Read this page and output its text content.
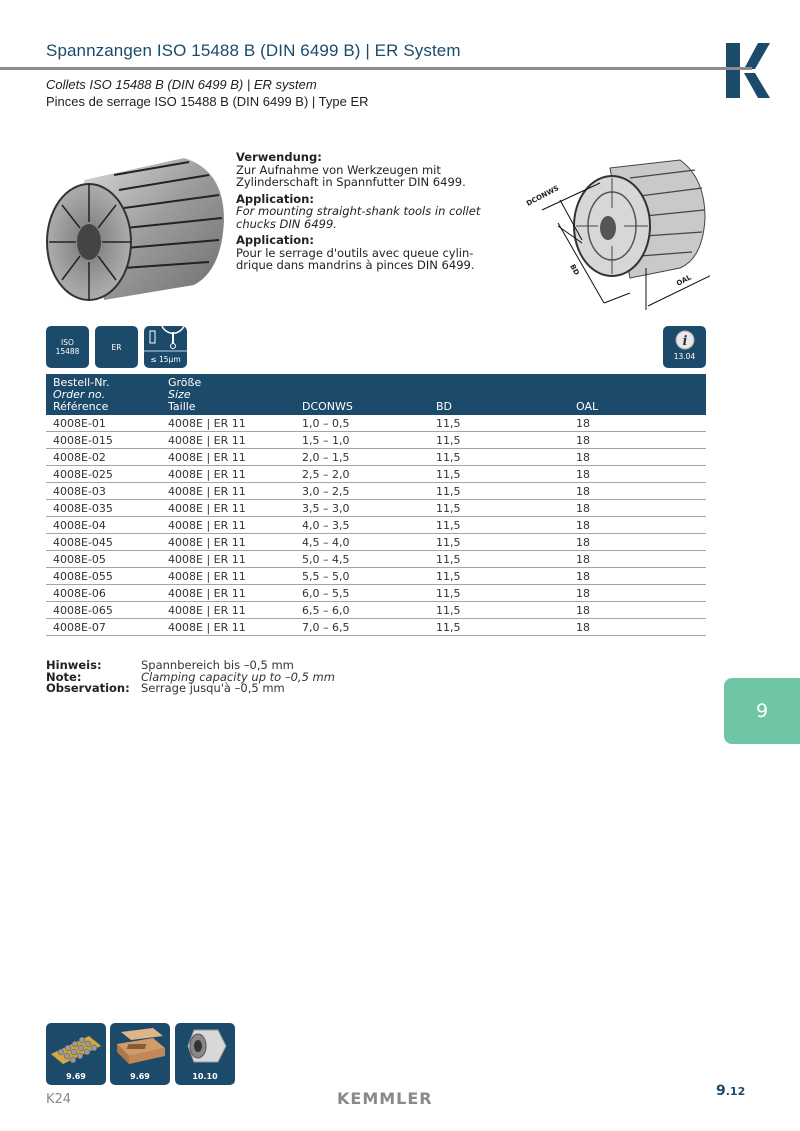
Spannzangen ISO 15488 B (DIN 6499 B) | ER System
Collets ISO 15488 B (DIN 6499 B) | ER system
Pinces de serrage ISO 15488 B (DIN 6499 B) | Type ER
Verwendung:
Zur Aufnahme von Werkzeugen mit Zylinderschaft in Spannfutter DIN 6499.
Application:
For mounting straight-shank tools in collet chucks DIN 6499.
Application:
Pour le serrage d'outils avec queue cylin-drique dans mandrins à pinces DIN 6499.
DCONWS
BD
OAL
ISO
15488	ER
≤ 15µm
i
13.04
Bestell-Nr.
Order no.
Référence

Größe
Size
Taille	DCONWS	BD	OAL
4008E-01	4008E | ER 11	1,0 – 0,5	11,5	18
4008E-015	4008E | ER 11	1,5 – 1,0	11,5	18
4008E-02	4008E | ER 11	2,0 – 1,5	11,5	18
4008E-025	4008E | ER 11	2,5 – 2,0	11,5	18
4008E-03	4008E | ER 11	3,0 – 2,5	11,5	18
4008E-035	4008E | ER 11	3,5 – 3,0	11,5	18
4008E-04	4008E | ER 11	4,0 – 3,5	11,5	18
4008E-045	4008E | ER 11	4,5 – 4,0	11,5	18
4008E-05	4008E | ER 11	5,0 – 4,5	11,5	18
4008E-055	4008E | ER 11	5,5 – 5,0	11,5	18
4008E-06	4008E | ER 11	6,0 – 5,5	11,5	18
4008E-065	4008E | ER 11	6,5 – 6,0	11,5	18
4008E-07	4008E | ER 11	7,0 – 6,5	11,5	18
Hinweis:	Spannbereich bis –0,5 mm
Note:	Clamping capacity up to –0,5 mm
Observation: Serrage jusqu'à –0,5 mm
9
9.69	9.69	10.10
K24	KEMMLER	9.12
